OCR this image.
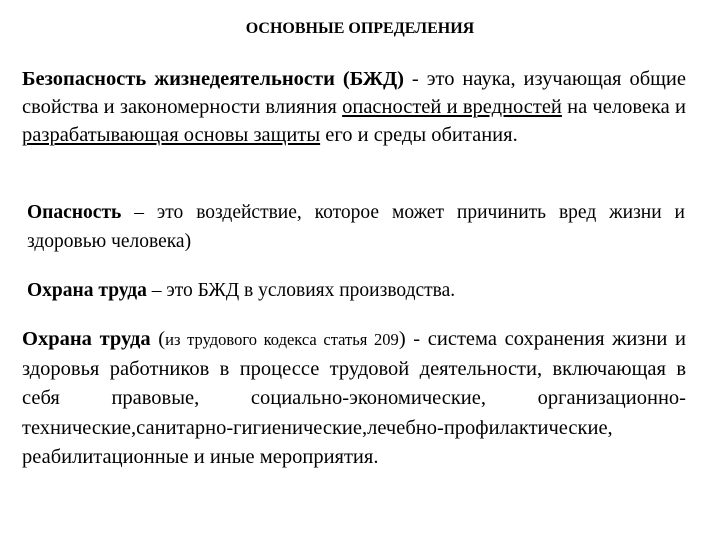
ОСНОВНЫЕ ОПРЕДЕЛЕНИЯ
Безопасность жизнедеятельности (БЖД) - это наука, изучающая общие свойства и закономерности влияния опасностей и вредностей на человека и разрабатывающая основы защиты его и среды обитания.
Опасность – это воздействие, которое может причинить вред жизни и здоровью человека)
Охрана труда – это БЖД в условиях производства.
Охрана труда (из трудового кодекса статья 209) - система сохранения жизни и здоровья работников в процессе трудовой деятельности, включающая в себя правовые, социально-экономические, организационно-технические,санитарно-гигиенические,лечебно-профилактические, реабилитационные и иные мероприятия.
